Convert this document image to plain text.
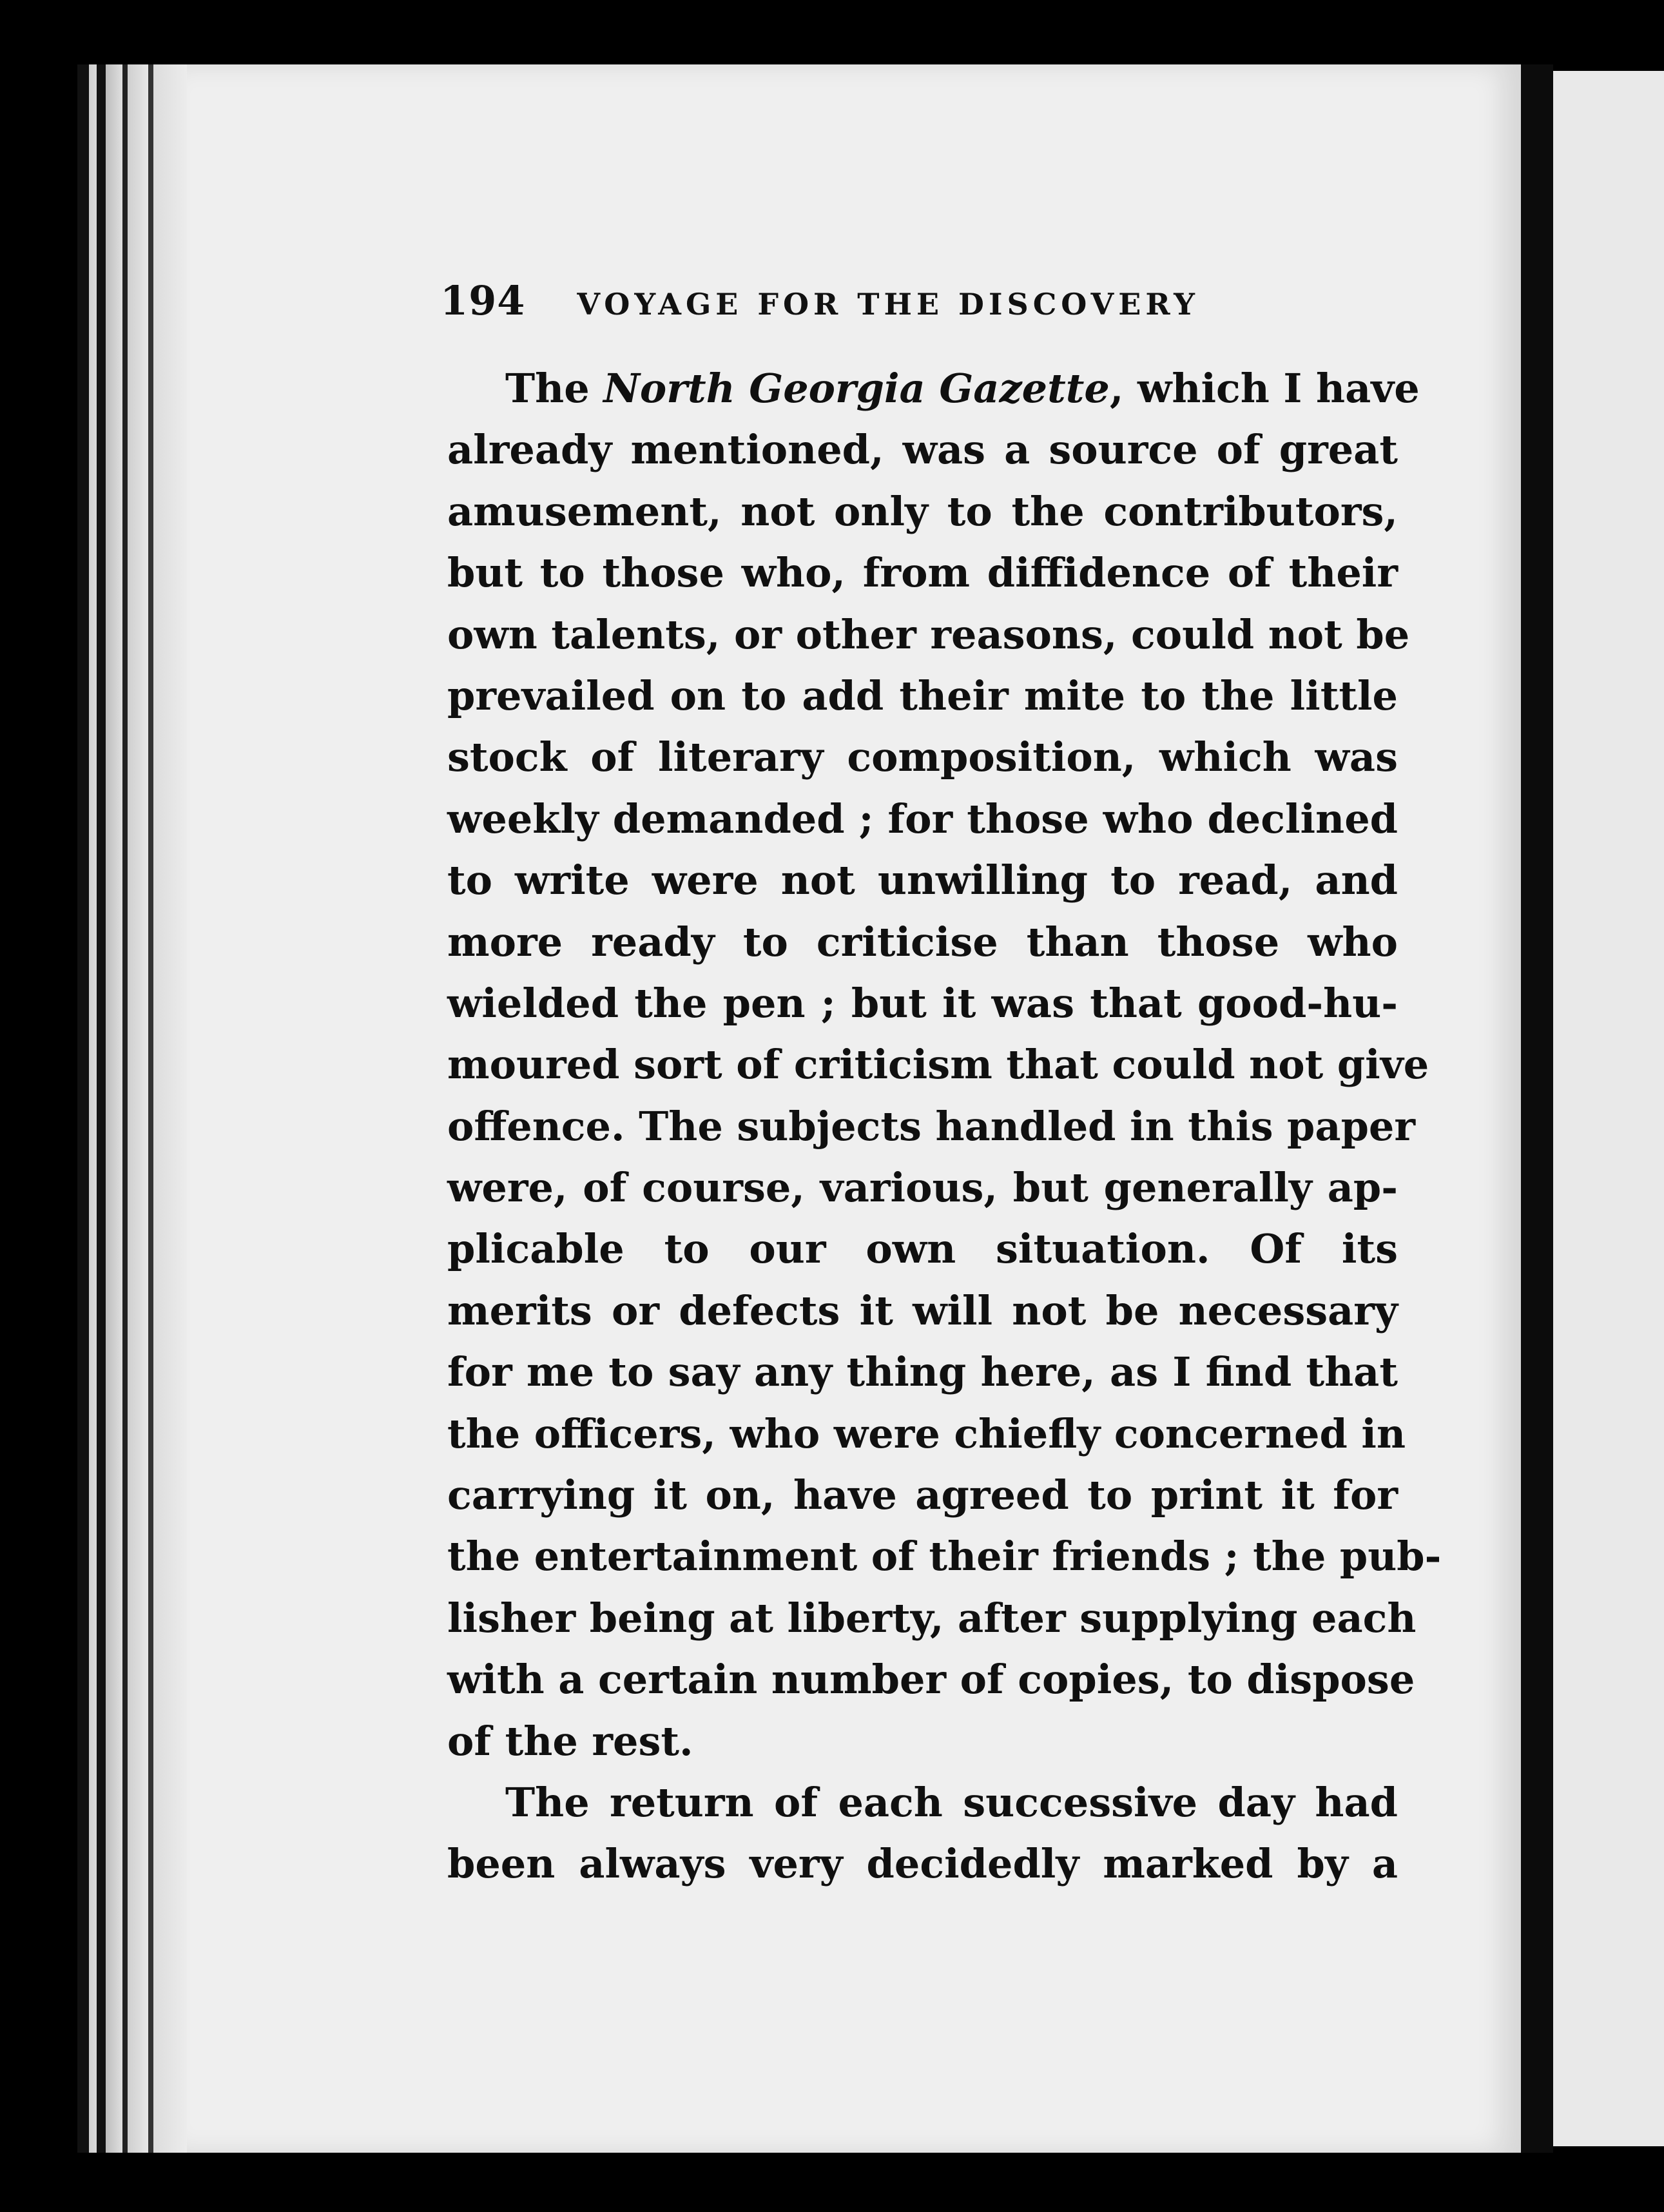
194 VOYAGE FOR THE DISCOVERY
The North Georgia Gazette, which I have
already mentioned, was a source of great
amusement, not only to the contributors,
but to those who, from diffidence of their
own talents, or other reasons, could not be
prevailed on to add their mite to the little
stock of literary composition, which was
weekly demanded ; for those who declined
to write were not unwilling to read, and
more ready to criticise than those who
wielded the pen ; but it was that good-hu-
moured sort of criticism that could not give
offence. The subjects handled in this paper
were, of course, various, but generally ap-
plicable to our own situation. Of its
merits or defects it will not be necessary
for me to say any thing here, as I find that
the officers, who were chiefly concerned in
carrying it on, have agreed to print it for
the entertainment of their friends ; the pub-
lisher being at liberty, after supplying each
with a certain number of copies, to dispose
of the rest.
The return of each successive day had
been always very decidedly marked by a
